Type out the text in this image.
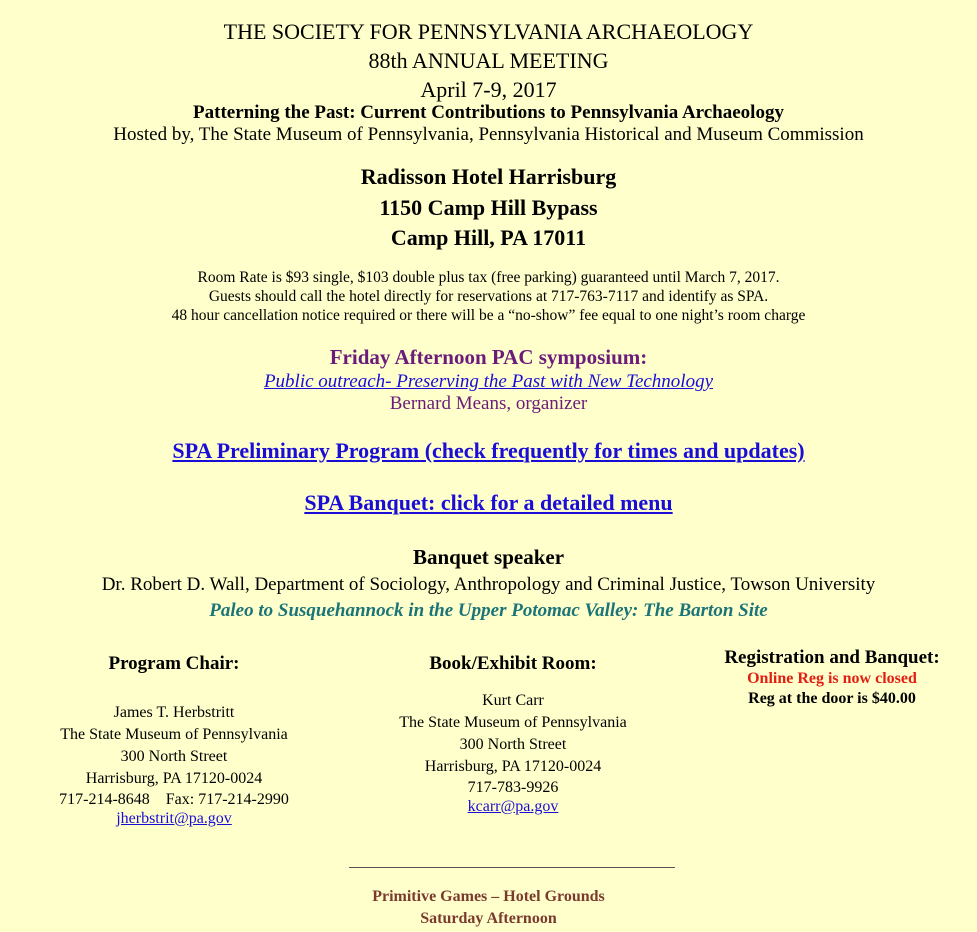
THE SOCIETY FOR PENNSYLVANIA ARCHAEOLOGY
88th ANNUAL MEETING
April 7-9, 2017
Patterning the Past: Current Contributions to Pennsylvania Archaeology
Hosted by, The State Museum of Pennsylvania, Pennsylvania Historical and Museum Commission
Radisson Hotel Harrisburg
1150 Camp Hill Bypass
Camp Hill, PA 17011
Room Rate is $93 single, $103 double plus tax (free parking) guaranteed until March 7, 2017.
Guests should call the hotel directly for reservations at 717-763-7117 and identify as SPA.
48 hour cancellation notice required or there will be a “no-show” fee equal to one night’s room charge
Friday Afternoon PAC symposium:
Public outreach- Preserving the Past with New Technology
Bernard Means, organizer
SPA Preliminary Program (check frequently for times and updates)
SPA Banquet: click for a detailed menu
Banquet speaker
Dr. Robert D. Wall, Department of Sociology, Anthropology and Criminal Justice, Towson University
Paleo to Susquehannock in the Upper Potomac Valley: The Barton Site
Program Chair:
James T. Herbstritt
The State Museum of Pennsylvania
300 North Street
Harrisburg, PA 17120-0024
717-214-8648    Fax: 717-214-2990
jherbstrit@pa.gov
Book/Exhibit Room:
Kurt Carr
The State Museum of Pennsylvania
300 North Street
Harrisburg, PA 17120-0024
717-783-9926
kcarr@pa.gov
Registration and Banquet:
Online Reg is now closed
Reg at the door is $40.00
Primitive Games – Hotel Grounds
Saturday Afternoon
